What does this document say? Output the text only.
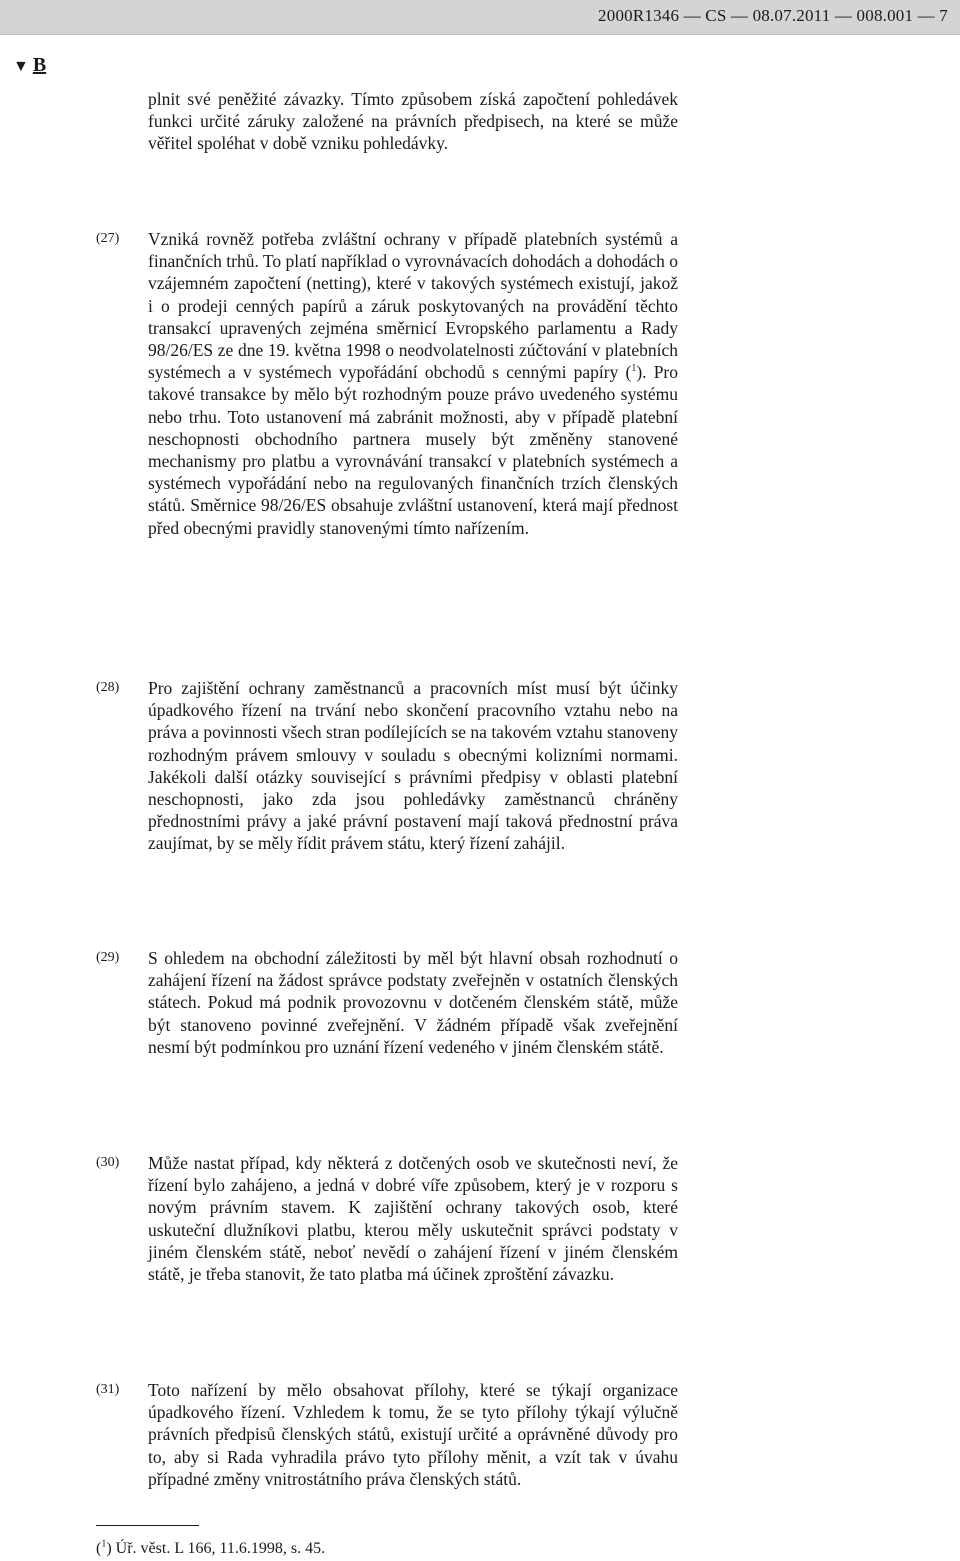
2000R1346 — CS — 08.07.2011 — 008.001 — 7
▼ B
plnit své peněžité závazky. Tímto způsobem získá započtení pohledávek funkci určité záruky založené na právních předpisech, na které se může věřitel spoléhat v době vzniku pohledávky.
(27) Vzniká rovněž potřeba zvláštní ochrany v případě platebních systémů a finančních trhů. To platí například o vyrovnávacích dohodách a dohodách o vzájemném započtení (netting), které v takových systémech existují, jakož i o prodeji cenných papírů a záruk poskytovaných na provádění těchto transakcí upravených zejména směrnicí Evropského parlamentu a Rady 98/26/ES ze dne 19. května 1998 o neodvolatelnosti zúčtování v platebních systémech a v systémech vypořádání obchodů s cennými papíry ($^1$). Pro takové transakce by mělo být rozhodným pouze právo uvedeného systému nebo trhu. Toto ustanovení má zabránit možnosti, aby v případě platební neschopnosti obchodního partnera musely být změněny stanovené mechanismy pro platbu a vyrovnávání transakcí v platebních systémech a systémech vypořádání nebo na regulovaných finančních trzích členských států. Směrnice 98/26/ES obsahuje zvláštní ustanovení, která mají přednost před obecnými pravidly stanovenými tímto nařízením.
(28) Pro zajištění ochrany zaměstnanců a pracovních míst musí být účinky úpadkového řízení na trvání nebo skončení pracovního vztahu nebo na práva a povinnosti všech stran podílejících se na takovém vztahu stanoveny rozhodným právem smlouvy v souladu s obecnými kolizními normami. Jakékoli další otázky související s právními předpisy v oblasti platební neschopnosti, jako zda jsou pohledávky zaměstnanců chráněny přednostními právy a jaké právní postavení mají taková přednostní práva zaujímat, by se měly řídit právem státu, který řízení zahájil.
(29) S ohledem na obchodní záležitosti by měl být hlavní obsah rozhodnutí o zahájení řízení na žádost správce podstaty zveřejněn v ostatních členských státech. Pokud má podnik provozovnu v dotčeném členském státě, může být stanoveno povinné zveřejnění. V žádném případě však zveřejnění nesmí být podmínkou pro uznání řízení vedeného v jiném členském státě.
(30) Může nastat případ, kdy některá z dotčených osob ve skutečnosti neví, že řízení bylo zahájeno, a jedná v dobré víře způsobem, který je v rozporu s novým právním stavem. K zajištění ochrany takových osob, které uskuteční dlužníkovi platbu, kterou měly uskutečnit správci podstaty v jiném členském státě, neboť nevědí o zahájení řízení v jiném členském státě, je třeba stanovit, že tato platba má účinek zproštění závazku.
(31) Toto nařízení by mělo obsahovat přílohy, které se týkají organizace úpadkového řízení. Vzhledem k tomu, že se tyto přílohy týkají výlučně právních předpisů členských států, existují určité a oprávněné důvody pro to, aby si Rada vyhradila právo tyto přílohy měnit, a vzít tak v úvahu případné změny vnitrostátního práva členských států.
($^1$) Úř. věst. L 166, 11.6.1998, s. 45.
